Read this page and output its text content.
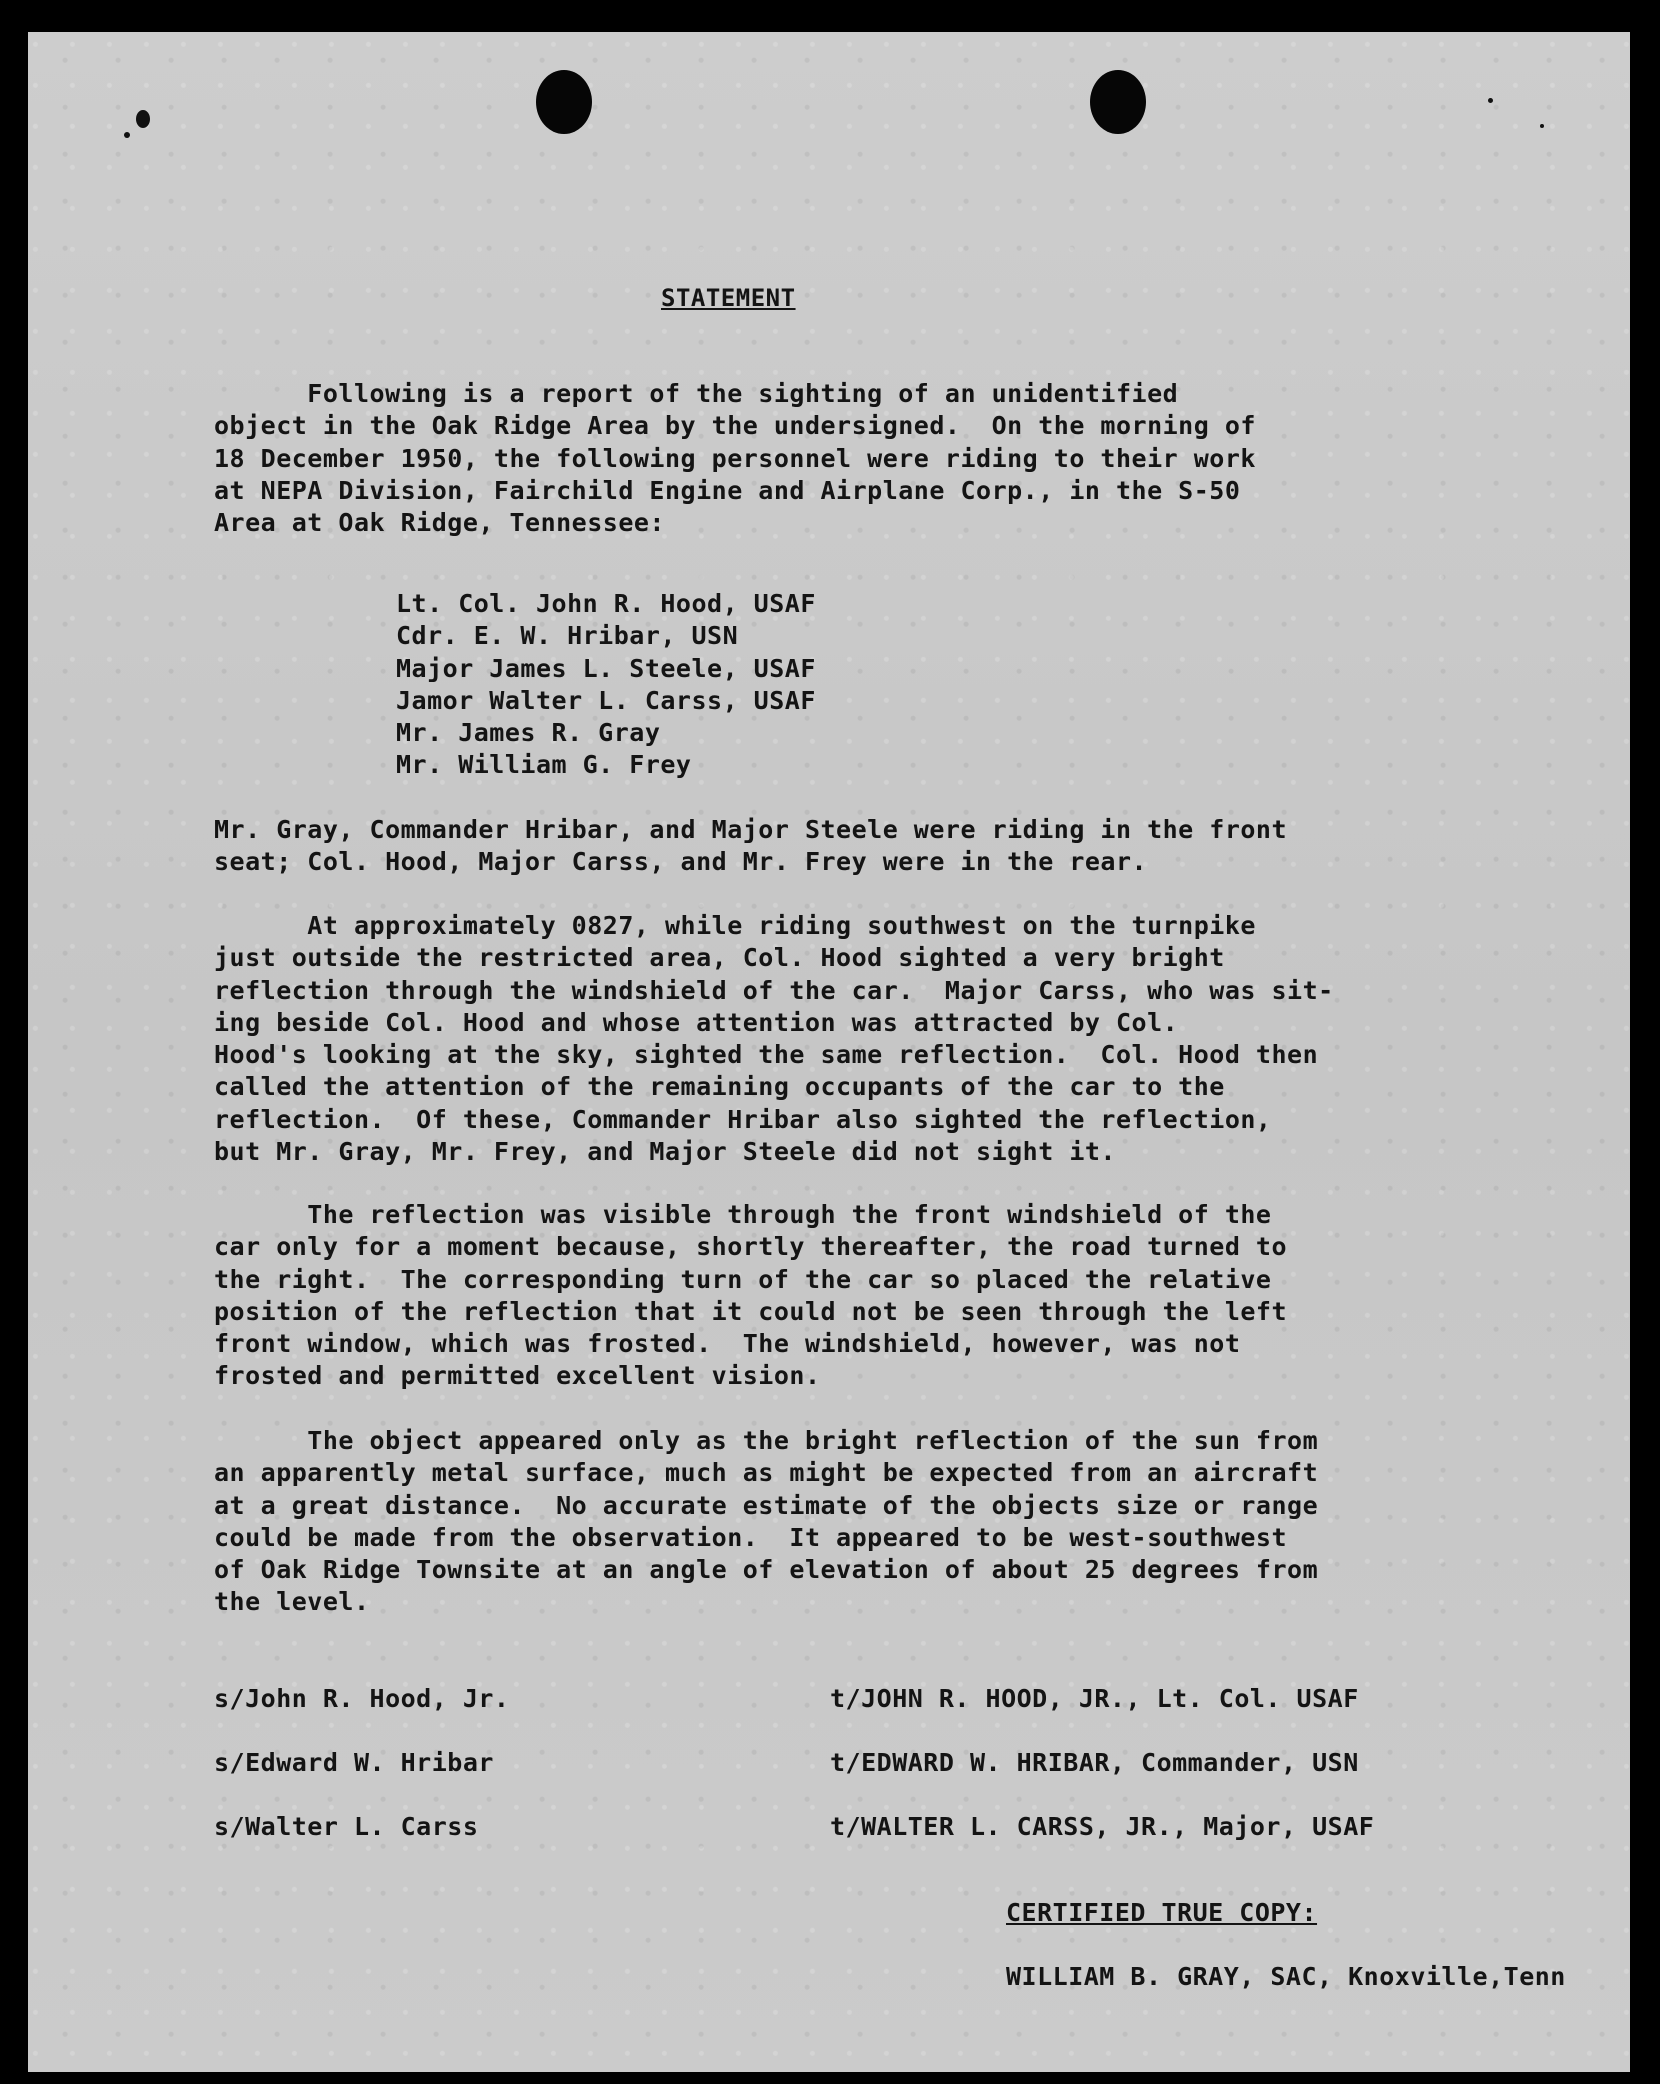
STATEMENT
Following is a report of the sighting of an unidentified
object in the Oak Ridge Area by the undersigned.  On the morning of
18 December 1950, the following personnel were riding to their work
at NEPA Division, Fairchild Engine and Airplane Corp., in the S-50
Area at Oak Ridge, Tennessee:
Lt. Col. John R. Hood, USAF
Cdr. E. W. Hribar, USN
Major James L. Steele, USAF
Jamor Walter L. Carss, USAF
Mr. James R. Gray
Mr. William G. Frey
Mr. Gray, Commander Hribar, and Major Steele were riding in the front
seat; Col. Hood, Major Carss, and Mr. Frey were in the rear.
At approximately 0827, while riding southwest on the turnpike
just outside the restricted area, Col. Hood sighted a very bright
reflection through the windshield of the car.  Major Carss, who was sit-
ing beside Col. Hood and whose attention was attracted by Col.
Hood's looking at the sky, sighted the same reflection.  Col. Hood then
called the attention of the remaining occupants of the car to the
reflection.  Of these, Commander Hribar also sighted the reflection,
but Mr. Gray, Mr. Frey, and Major Steele did not sight it.
The reflection was visible through the front windshield of the
car only for a moment because, shortly thereafter, the road turned to
the right.  The corresponding turn of the car so placed the relative
position of the reflection that it could not be seen through the left
front window, which was frosted.  The windshield, however, was not
frosted and permitted excellent vision.
The object appeared only as the bright reflection of the sun from
an apparently metal surface, much as might be expected from an aircraft
at a great distance.  No accurate estimate of the objects size or range
could be made from the observation.  It appeared to be west-southwest
of Oak Ridge Townsite at an angle of elevation of about 25 degrees from
the level.
s/John R. Hood, Jr.	t/JOHN R. HOOD, JR., Lt. Col. USAF
s/Edward W. Hribar	t/EDWARD W. HRIBAR, Commander, USN
s/Walter L. Carss	t/WALTER L. CARSS, JR., Major, USAF
CERTIFIED TRUE COPY:
WILLIAM B. GRAY, SAC, Knoxville,Tenn
